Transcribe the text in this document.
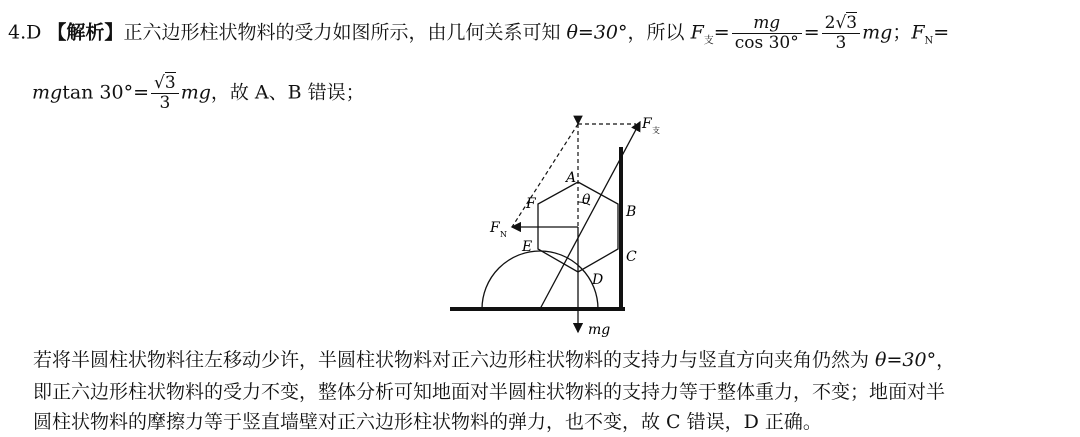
4.D 【解析】正六边形柱状物料的受力如图所示，由几何关系可知 θ=30°，所以 $F_支= \frac{mg}{\cos 30^\circ} = \frac{2√3}{3}$ mg；$F_N=$
mgtan $30^\circ= \frac{√3}{3}$ mg，故 A、B 错误；
F 支
A
F	θ
B
F N
E
C
D
mg
若将半圆柱状物料往左移动少许，半圆柱状物料对正六边形柱状物料的支持力与竖直方向夹角仍然为 θ=30°，
即正六边形柱状物料的受力不变，整体分析可知地面对半圆柱状物料的支持力等于整体重力，不变；地面对半
圆柱状物料的摩擦力等于竖直墙壁对正六边形柱状物料的弹力，也不变，故 C 错误，D 正确。
